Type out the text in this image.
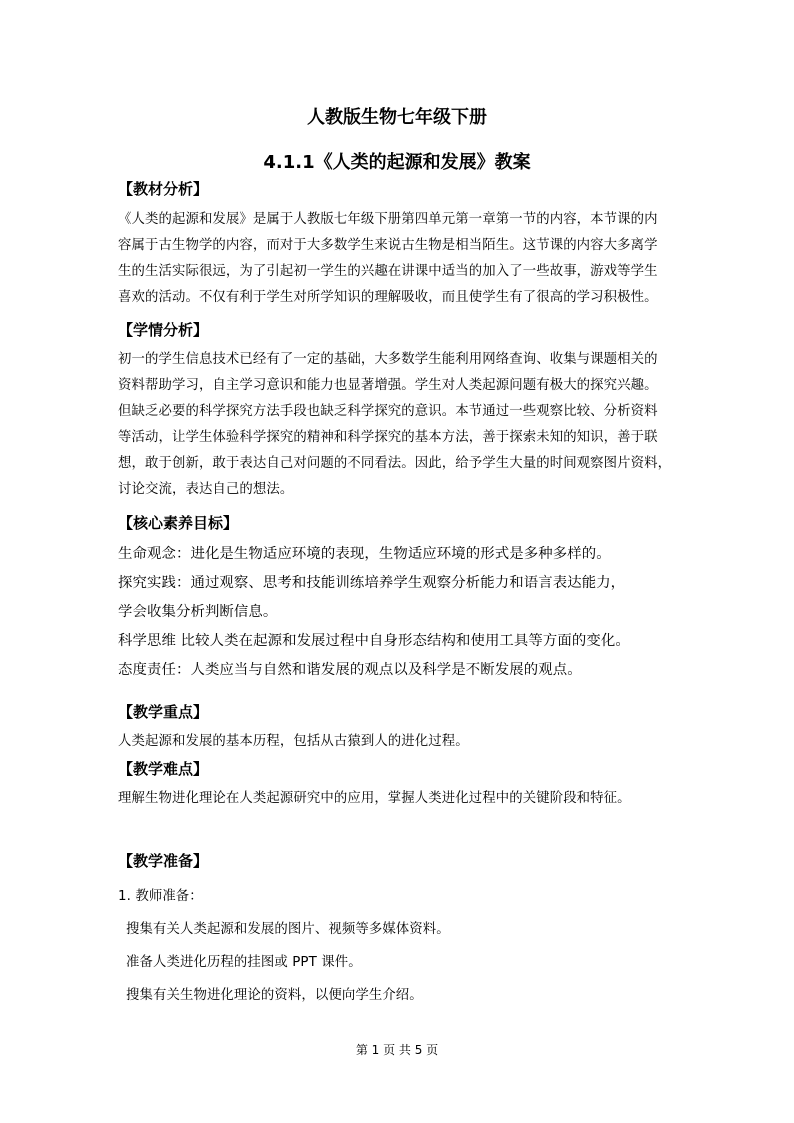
人教版生物七年级下册
4.1.1《人类的起源和发展》教案
【教材分析】
《人类的起源和发展》是属于人教版七年级下册第四单元第一章第一节的内容，本节课的内
容属于古生物学的内容，而对于大多数学生来说古生物是相当陌生。这节课的内容大多离学
生的生活实际很远，为了引起初一学生的兴趣在讲课中适当的加入了一些故事，游戏等学生
喜欢的活动。不仅有利于学生对所学知识的理解吸收，而且使学生有了很高的学习积极性。
【学情分析】
初一的学生信息技术已经有了一定的基础，大多数学生能利用网络查询、收集与课题相关的
资料帮助学习，自主学习意识和能力也显著增强。学生对人类起源问题有极大的探究兴趣。
但缺乏必要的科学探究方法手段也缺乏科学探究的意识。本节通过一些观察比较、分析资料
等活动，让学生体验科学探究的精神和科学探究的基本方法，善于探索未知的知识，善于联
想，敢于创新，敢于表达自己对问题的不同看法。因此，给予学生大量的时间观察图片资料，
讨论交流，表达自己的想法。
【核心素养目标】
生命观念：进化是生物适应环境的表现，生物适应环境的形式是多种多样的。
探究实践：通过观察、思考和技能训练培养学生观察分析能力和语言表达能力，
学会收集分析判断信息。
科学思维 比较人类在起源和发展过程中自身形态结构和使用工具等方面的变化。
态度责任：人类应当与自然和谐发展的观点以及科学是不断发展的观点。
【教学重点】
人类起源和发展的基本历程，包括从古猿到人的进化过程。
【教学难点】
理解生物进化理论在人类起源研究中的应用，掌握人类进化过程中的关键阶段和特征。
【教学准备】
1. 教师准备：
搜集有关人类起源和发展的图片、视频等多媒体资料。
准备人类进化历程的挂图或 PPT 课件。
搜集有关生物进化理论的资料，以便向学生介绍。
第 1 页 共 5 页
